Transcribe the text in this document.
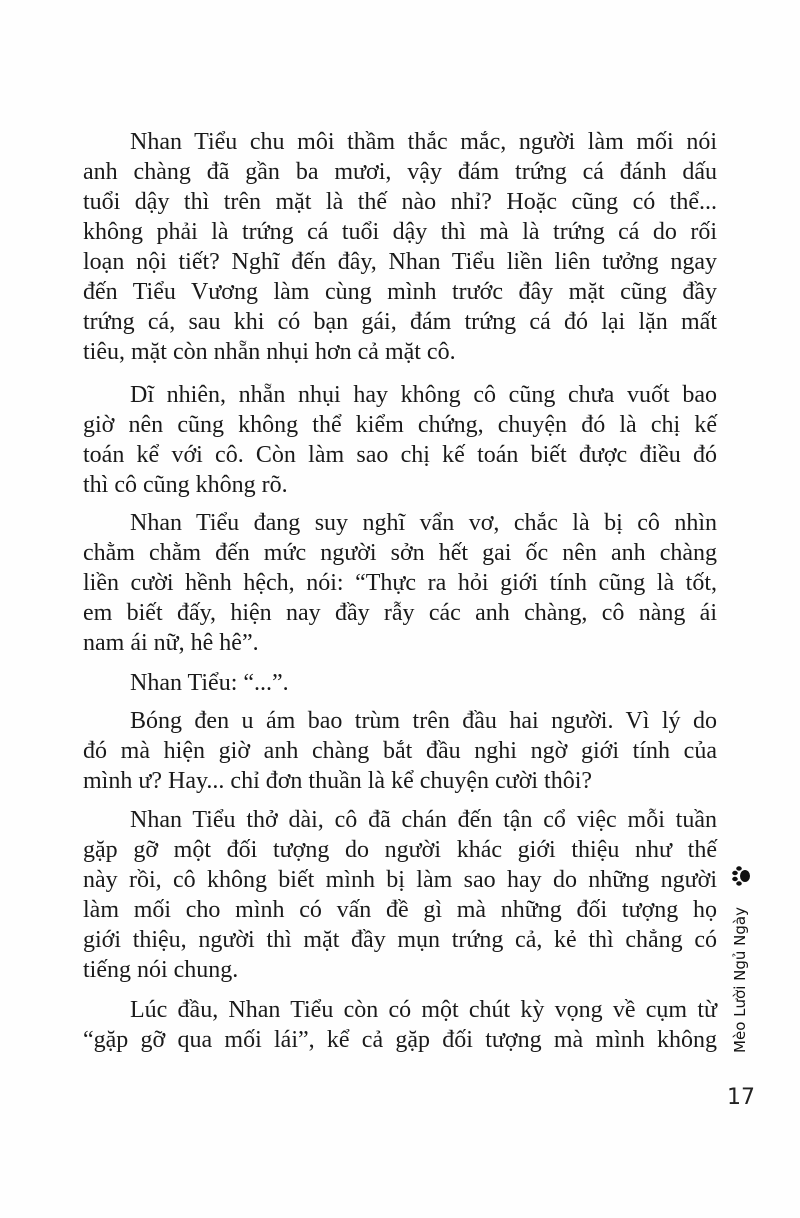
Nhan Tiểu chu môi thầm thắc mắc, người làm mối nói
anh chàng đã gần ba mươi, vậy đám trứng cá đánh dấu
tuổi dậy thì trên mặt là thế nào nhỉ? Hoặc cũng có thể...
không phải là trứng cá tuổi dậy thì mà là trứng cá do rối
loạn nội tiết? Nghĩ đến đây, Nhan Tiểu liền liên tưởng ngay
đến Tiểu Vương làm cùng mình trước đây mặt cũng đầy
trứng cá, sau khi có bạn gái, đám trứng cá đó lại lặn mất
tiêu, mặt còn nhẵn nhụi hơn cả mặt cô.
Dĩ nhiên, nhẵn nhụi hay không cô cũng chưa vuốt bao
giờ nên cũng không thể kiểm chứng, chuyện đó là chị kế
toán kể với cô. Còn làm sao chị kế toán biết được điều đó
thì cô cũng không rõ.
Nhan Tiểu đang suy nghĩ vẩn vơ, chắc là bị cô nhìn
chằm chằm đến mức người sởn hết gai ốc nên anh chàng
liền cười hềnh hệch, nói: “Thực ra hỏi giới tính cũng là tốt,
em biết đấy, hiện nay đầy rẫy các anh chàng, cô nàng ái
nam ái nữ, hê hê”.
Nhan Tiểu: “...”.
Bóng đen u ám bao trùm trên đầu hai người. Vì lý do
đó mà hiện giờ anh chàng bắt đầu nghi ngờ giới tính của
mình ư? Hay... chỉ đơn thuần là kể chuyện cười thôi?
Nhan Tiểu thở dài, cô đã chán đến tận cổ việc mỗi tuần
gặp gỡ một đối tượng do người khác giới thiệu như thế
này rồi, cô không biết mình bị làm sao hay do những người
làm mối cho mình có vấn đề gì mà những đối tượng họ
giới thiệu, người thì mặt đầy mụn trứng cả, kẻ thì chẳng có
tiếng nói chung.
Lúc đầu, Nhan Tiểu còn có một chút kỳ vọng về cụm từ
“gặp gỡ qua mối lái”, kể cả gặp đối tượng mà mình không Mèo Lười Ngủ Ngày
17
